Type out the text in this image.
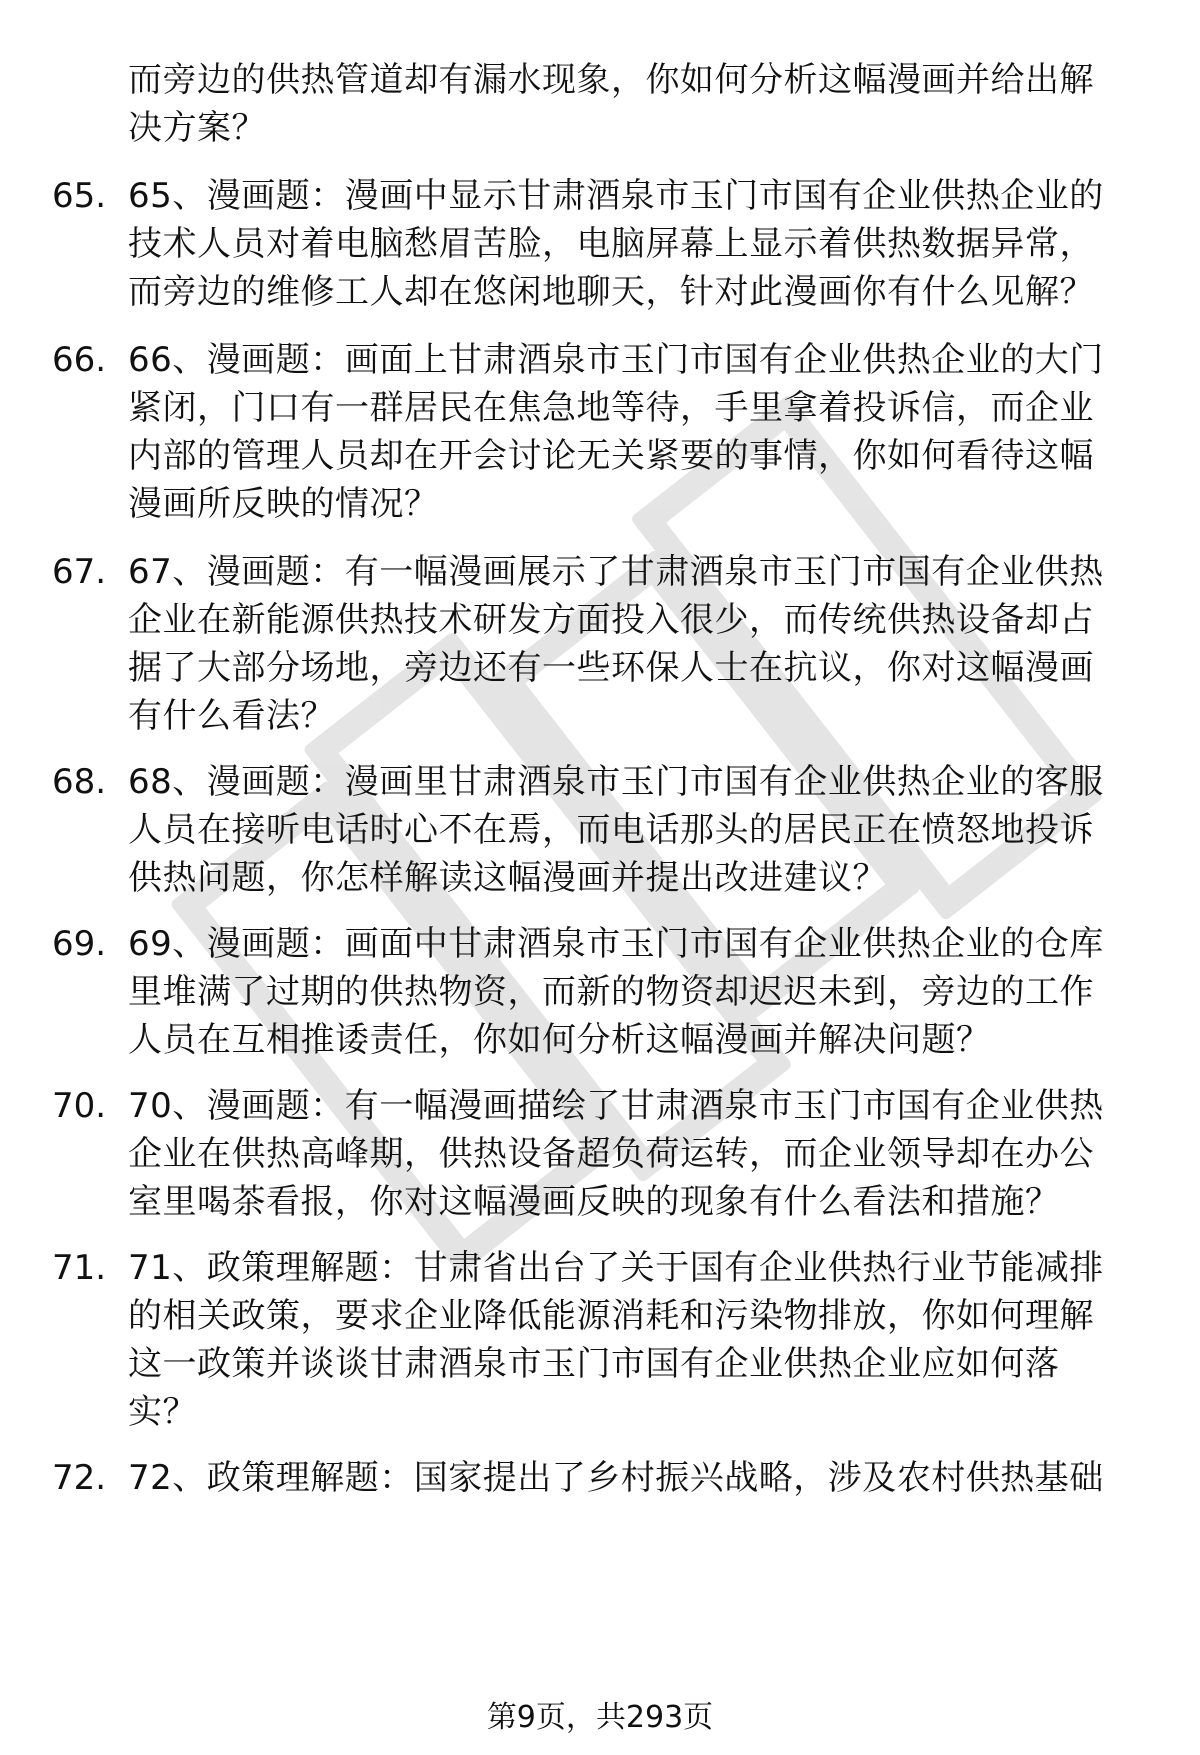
而旁边的供热管道却有漏水现象，你如何分析这幅漫画并给出解
决方案？
65. 65、漫画题：漫画中显示甘肃酒泉市玉门市国有企业供热企业的
技术人员对着电脑愁眉苦脸，电脑屏幕上显示着供热数据异常，
而旁边的维修工人却在悠闲地聊天，针对此漫画你有什么见解？
66. 66、漫画题：画面上甘肃酒泉市玉门市国有企业供热企业的大门
紧闭，门口有一群居民在焦急地等待，手里拿着投诉信，而企业
内部的管理人员却在开会讨论无关紧要的事情，你如何看待这幅
漫画所反映的情况？
67. 67、漫画题：有一幅漫画展示了甘肃酒泉市玉门市国有企业供热
企业在新能源供热技术研发方面投入很少，而传统供热设备却占
据了大部分场地，旁边还有一些环保人士在抗议，你对这幅漫画
有什么看法？
68. 68、漫画题：漫画里甘肃酒泉市玉门市国有企业供热企业的客服
人员在接听电话时心不在焉，而电话那头的居民正在愤怒地投诉
供热问题，你怎样解读这幅漫画并提出改进建议？
69. 69、漫画题：画面中甘肃酒泉市玉门市国有企业供热企业的仓库
里堆满了过期的供热物资，而新的物资却迟迟未到，旁边的工作
人员在互相推诿责任，你如何分析这幅漫画并解决问题？
70. 70、漫画题：有一幅漫画描绘了甘肃酒泉市玉门市国有企业供热
企业在供热高峰期，供热设备超负荷运转，而企业领导却在办公
室里喝茶看报，你对这幅漫画反映的现象有什么看法和措施？
71. 71、政策理解题：甘肃省出台了关于国有企业供热行业节能减排
的相关政策，要求企业降低能源消耗和污染物排放，你如何理解
这一政策并谈谈甘肃酒泉市玉门市国有企业供热企业应如何落
实？
72. 72、政策理解题：国家提出了乡村振兴战略，涉及农村供热基础
第9页，共293页
